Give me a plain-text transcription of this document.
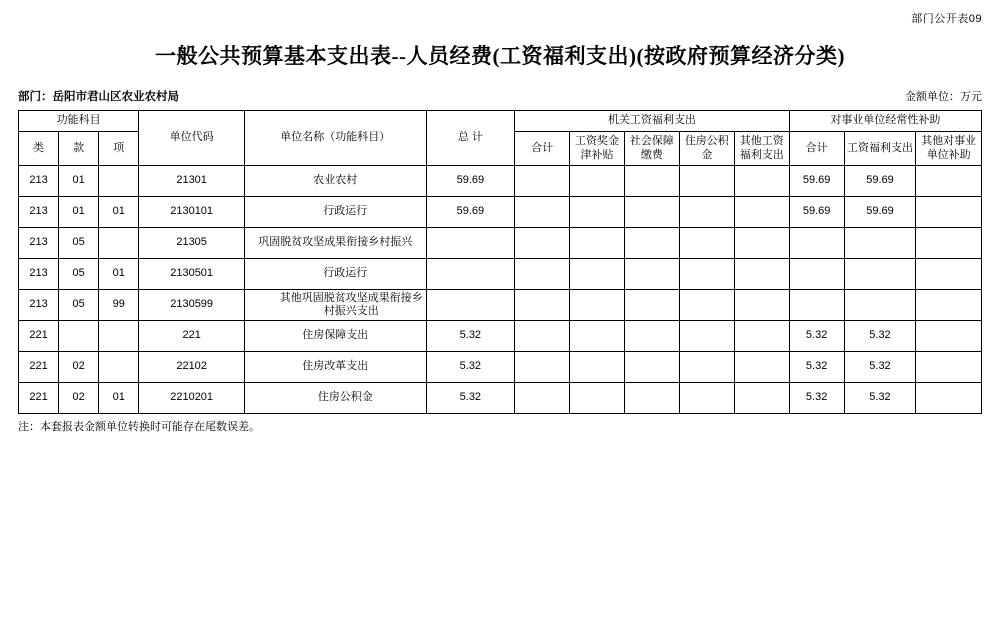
部门公开表09
一般公共预算基本支出表--人员经费(工资福利支出)(按政府预算经济分类)
部门：岳阳市君山区农业农村局	金额单位：万元
功能科目			单位代码	单位名称（功能科目）	总 计	机关工资福利支出					对事业单位经常性补助		
类	款	项				合计	工资奖金津补贴	社会保障缴费	住房公积金	其他工资福利支出	合计	工资福利支出	其他对事业单位补助
213	01		21301	农业农村	59.69						59.69	59.69	
213	01	01	2130101	行政运行	59.69						59.69	59.69	
213	05		21305	巩固脱贫攻坚成果衔接乡村振兴									
213	05	01	2130501	行政运行									
213	05	99	2130599	其他巩固脱贫攻坚成果衔接乡村振兴支出									
221			221	住房保障支出	5.32						5.32	5.32	
221	02		22102	住房改革支出	5.32						5.32	5.32	
221	02	01	2210201	住房公积金	5.32						5.32	5.32	
注：本套报表金额单位转换时可能存在尾数误差。
